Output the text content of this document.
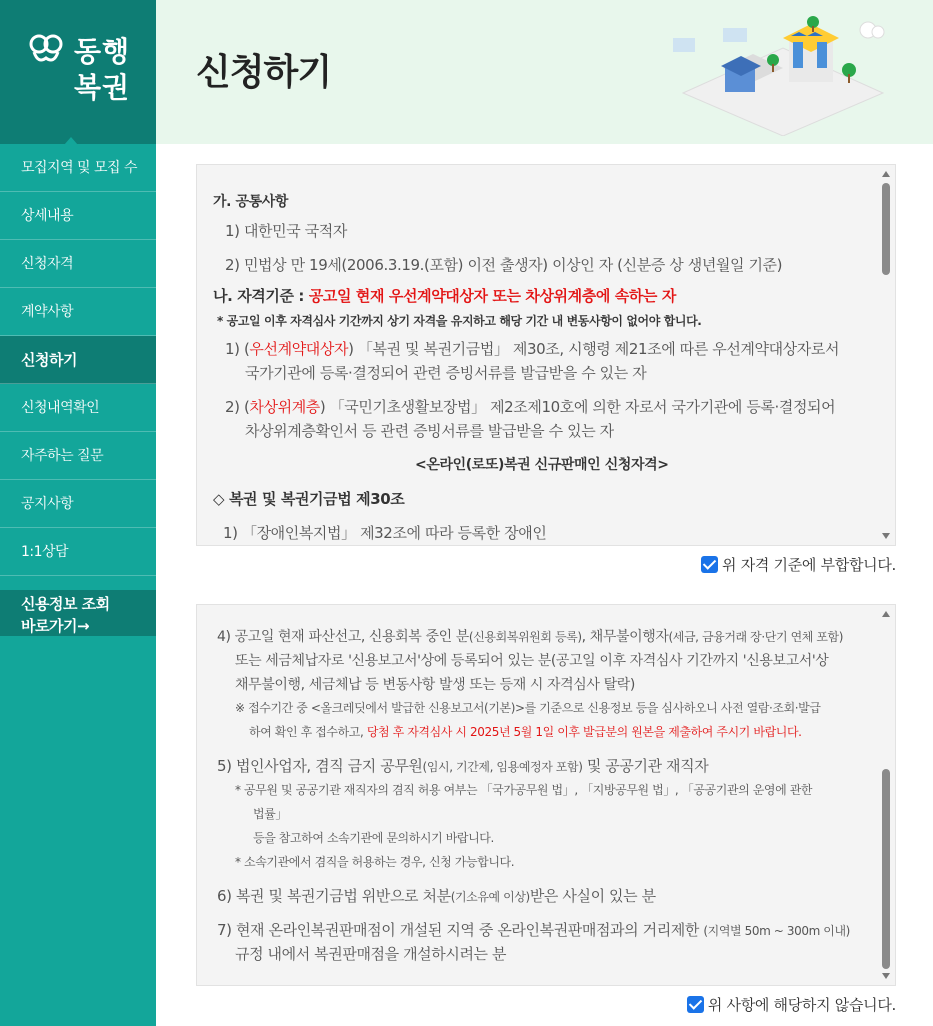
동행
복권
모집지역 및 모집 수
상세내용
신청자격
계약사항
신청하기
신청내역확인
자주하는 질문
공지사항
1:1상담
신용정보 조회
바로가기→
신청하기
가. 공통사항
1) 대한민국 국적자
2) 민법상 만 19세(2006.3.19.(포함) 이전 출생자) 이상인 자 (신분증 상 생년월일 기준)
나. 자격기준 : 공고일 현재 우선계약대상자 또는 차상위계층에 속하는 자
* 공고일 이후 자격심사 기간까지 상기 자격을 유지하고 해당 기간 내 변동사항이 없어야 합니다.
1) (우선계약대상자) 「복권 및 복권기금법」 제30조, 시행령 제21조에 따른 우선계약대상자로서
국가기관에 등록·결정되어 관련 증빙서류를 발급받을 수 있는 자
2) (차상위계층) 「국민기초생활보장법」 제2조제10호에 의한 자로서 국가기관에 등록·결정되어
차상위계층확인서 등 관련 증빙서류를 발급받을 수 있는 자
<온라인(로또)복권 신규판매인 신청자격>
◇ 복권 및 복권기금법 제30조
1) 「장애인복지법」 제32조에 따라 등록한 장애인
위 자격 기준에 부합합니다.

4) 공고일 현재 파산선고, 신용회복 중인 분(신용회복위원회 등록), 채무불이행자(세금, 금융거래 장·단기 연체 포함)
또는 세금체납자로 '신용보고서'상에 등록되어 있는 분(공고일 이후 자격심사 기간까지 '신용보고서'상
채무불이행, 세금체납 등 변동사항 발생 또는 등재 시 자격심사 탈락)
※ 접수기간 중 <올크레딧에서 발급한 신용보고서(기본)>를 기준으로 신용정보 등을 심사하오니 사전 열람·조회·발급
하여 확인 후 접수하고, 당첨 후 자격심사 시 2025년 5월 1일 이후 발급분의 원본을 제출하여 주시기 바랍니다.
5) 법인사업자, 겸직 금지 공무원(임시, 기간제, 임용예정자 포함) 및 공공기관 재직자
* 공무원 및 공공기관 재직자의 겸직 허용 여부는 「국가공무원 법」, 「지방공무원 법」, 「공공기관의 운영에 관한
법률」
등을 참고하여 소속기관에 문의하시기 바랍니다.
* 소속기관에서 겸직을 허용하는 경우, 신청 가능합니다.
6) 복권 및 복권기금법 위반으로 처분(기소유예 이상)받은 사실이 있는 분
7) 현재 온라인복권판매점이 개설된 지역 중 온라인복권판매점과의 거리제한 (지역별 50m ~ 300m 이내)
규정 내에서 복권판매점을 개설하시려는 분
위 사항에 해당하지 않습니다.
